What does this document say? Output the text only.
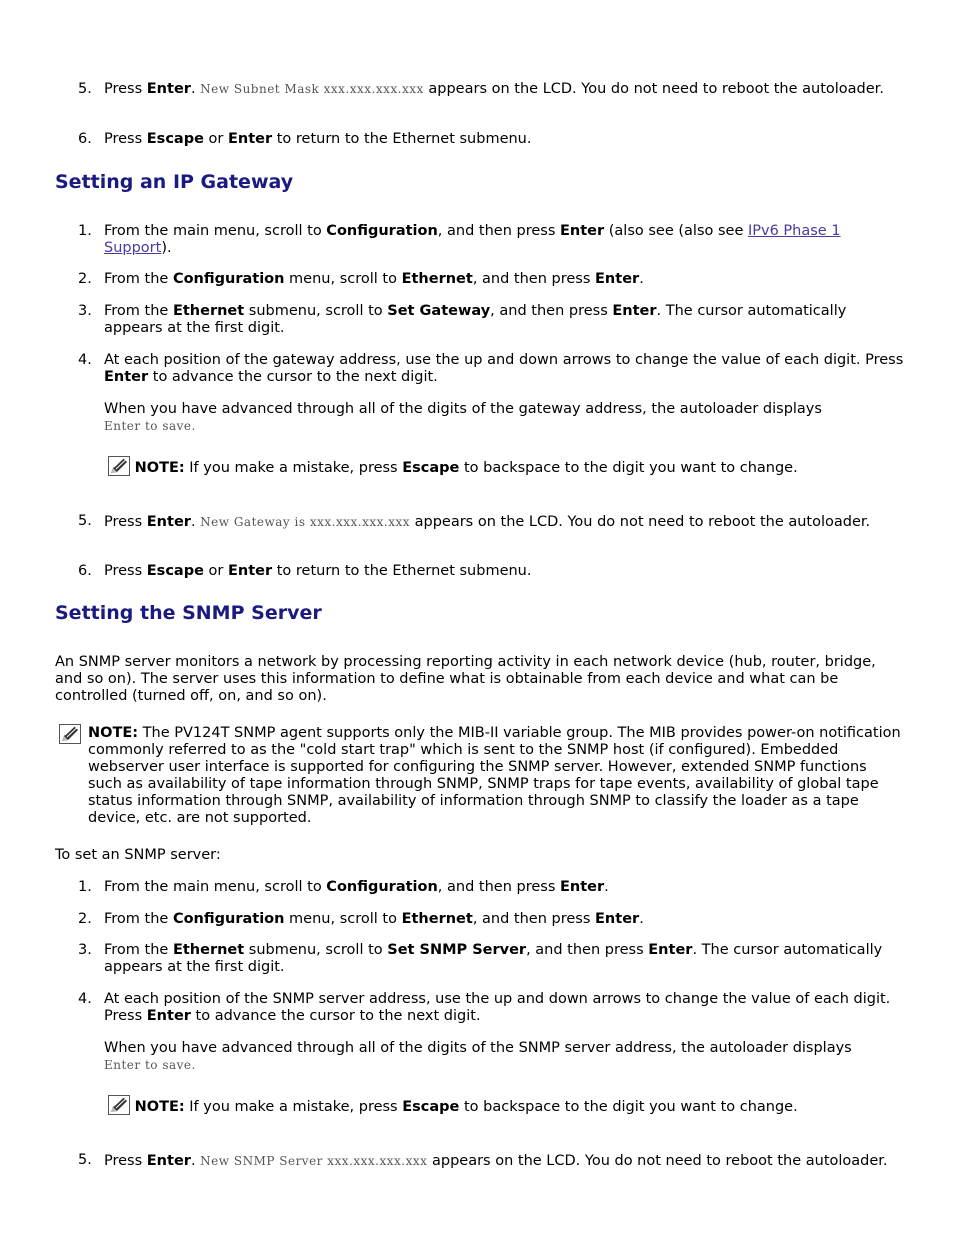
5. Press Enter. New Subnet Mask xxx.xxx.xxx.xxx appears on the LCD. You do not need to reboot the autoloader.
6. Press Escape or Enter to return to the Ethernet submenu.
Setting an IP Gateway
1. From the main menu, scroll to Configuration, and then press Enter (also see (also see IPv6 Phase 1 Support).
2. From the Configuration menu, scroll to Ethernet, and then press Enter.
3. From the Ethernet submenu, scroll to Set Gateway, and then press Enter. The cursor automatically appears at the first digit.
4. At each position of the gateway address, use the up and down arrows to change the value of each digit. Press Enter to advance the cursor to the next digit.
When you have advanced through all of the digits of the gateway address, the autoloader displays
Enter to save.
NOTE: If you make a mistake, press Escape to backspace to the digit you want to change.
5. Press Enter. New Gateway is xxx.xxx.xxx.xxx appears on the LCD. You do not need to reboot the autoloader.
6. Press Escape or Enter to return to the Ethernet submenu.
Setting the SNMP Server
An SNMP server monitors a network by processing reporting activity in each network device (hub, router, bridge, and so on). The server uses this information to define what is obtainable from each device and what can be controlled (turned off, on, and so on).
NOTE: The PV124T SNMP agent supports only the MIB-II variable group. The MIB provides power-on notification commonly referred to as the "cold start trap" which is sent to the SNMP host (if configured). Embedded webserver user interface is supported for configuring the SNMP server. However, extended SNMP functions such as availability of tape information through SNMP, SNMP traps for tape events, availability of global tape status information through SNMP, availability of information through SNMP to classify the loader as a tape device, etc. are not supported.
To set an SNMP server:
1. From the main menu, scroll to Configuration, and then press Enter.
2. From the Configuration menu, scroll to Ethernet, and then press Enter.
3. From the Ethernet submenu, scroll to Set SNMP Server, and then press Enter. The cursor automatically appears at the first digit.
4. At each position of the SNMP server address, use the up and down arrows to change the value of each digit. Press Enter to advance the cursor to the next digit.
When you have advanced through all of the digits of the SNMP server address, the autoloader displays
Enter to save.
NOTE: If you make a mistake, press Escape to backspace to the digit you want to change.
5. Press Enter. New SNMP Server xxx.xxx.xxx.xxx appears on the LCD. You do not need to reboot the autoloader.
